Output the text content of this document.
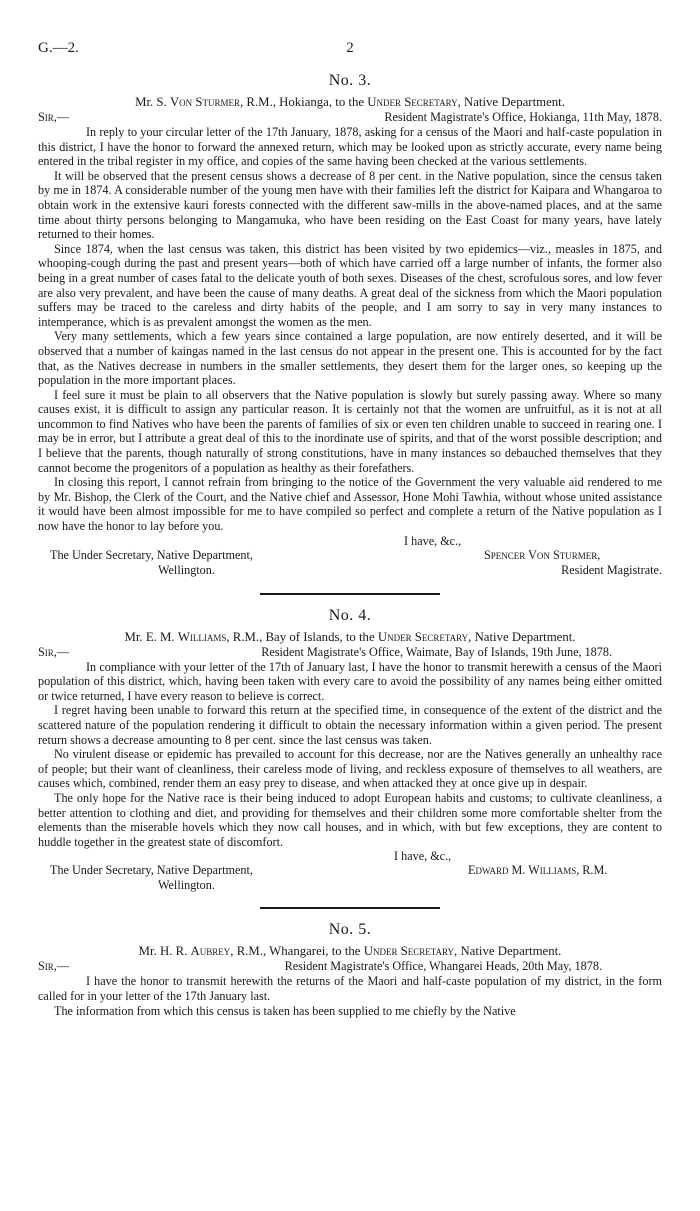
G.—2.	2
No. 3.

Mr. S. Von Sturmer, R.M., Hokianga, to the Under Secretary, Native Department.

Sir,—	Resident Magistrate's Office, Hokianga, 11th May, 1878.

In reply to your circular letter of the 17th January, 1878, asking for a census of the Maori and half-caste population in this district, I have the honor to forward the annexed return, which may be looked upon as strictly accurate, every name being entered in the tribal register in my office, and copies of the same having been checked at the various settlements.

It will be observed that the present census shows a decrease of 8 per cent. in the Native population, since the census taken by me in 1874. A considerable number of the young men have with their families left the district for Kaipara and Whangaroa to obtain work in the extensive kauri forests connected with the different saw-mills in the above-named places, and at the same time about thirty persons belonging to Mangamuka, who have been residing on the East Coast for many years, have lately returned to their homes.

Since 1874, when the last census was taken, this district has been visited by two epidemics—viz., measles in 1875, and whooping-cough during the past and present years—both of which have carried off a large number of infants, the former also being in a great number of cases fatal to the delicate youth of both sexes. Diseases of the chest, scrofulous sores, and low fever are also very prevalent, and have been the cause of many deaths. A great deal of the sickness from which the Maori population suffers may be traced to the careless and dirty habits of the people, and I am sorry to say in very many instances to intemperance, which is as prevalent amongst the women as the men.

Very many settlements, which a few years since contained a large population, are now entirely deserted, and it will be observed that a number of kaingas named in the last census do not appear in the present one. This is accounted for by the fact that, as the Natives decrease in numbers in the smaller settlements, they desert them for the larger ones, so keeping up the population in the more important places.

I feel sure it must be plain to all observers that the Native population is slowly but surely passing away. Where so many causes exist, it is difficult to assign any particular reason. It is certainly not that the women are unfruitful, as it is not at all uncommon to find Natives who have been the parents of families of six or even ten children unable to succeed in rearing one. I may be in error, but I attribute a great deal of this to the inordinate use of spirits, and that of the worst possible description; and I believe that the parents, though naturally of strong constitutions, have in many instances so debauched themselves that they cannot become the progenitors of a population as healthy as their forefathers.

In closing this report, I cannot refrain from bringing to the notice of the Government the very valuable aid rendered to me by Mr. Bishop, the Clerk of the Court, and the Native chief and Assessor, Hone Mohi Tawhia, without whose united assistance it would have been almost impossible for me to have compiled so perfect and complete a return of the Native population as I now have the honor to lay before you.

I have, &c.,
The Under Secretary, Native Department,	Spencer Von Sturmer,
Wellington.	Resident Magistrate.
No. 4.

Mr. E. M. Williams, R.M., Bay of Islands, to the Under Secretary, Native Department.

Sir,—	Resident Magistrate's Office, Waimate, Bay of Islands, 19th June, 1878.

In compliance with your letter of the 17th of January last, I have the honor to transmit herewith a census of the Maori population of this district, which, having been taken with every care to avoid the possibility of any names being either omitted or twice returned, I have every reason to believe is correct.

I regret having been unable to forward this return at the specified time, in consequence of the extent of the district and the scattered nature of the population rendering it difficult to obtain the necessary information within a given period. The present return shows a decrease amounting to 8 per cent. since the last census was taken.

No virulent disease or epidemic has prevailed to account for this decrease, nor are the Natives generally an unhealthy race of people; but their want of cleanliness, their careless mode of living, and reckless exposure of themselves to all weathers, are causes which, combined, render them an easy prey to disease, and when attacked they at once give up in despair.

The only hope for the Native race is their being induced to adopt European habits and customs; to cultivate cleanliness, a better attention to clothing and diet, and providing for themselves and their children some more comfortable shelter from the elements than the miserable hovels which they now call houses, and in which, with but few exceptions, they are content to huddle together in the greatest state of discomfort.

I have, &c.,
The Under Secretary, Native Department,	Edward M. Williams, R.M.
Wellington.
No. 5.

Mr. H. R. Aubrey, R.M., Whangarei, to the Under Secretary, Native Department.

Sir,—	Resident Magistrate's Office, Whangarei Heads, 20th May, 1878.

I have the honor to transmit herewith the returns of the Maori and half-caste population of my district, in the form called for in your letter of the 17th January last.

The information from which this census is taken has been supplied to me chiefly by the Native
